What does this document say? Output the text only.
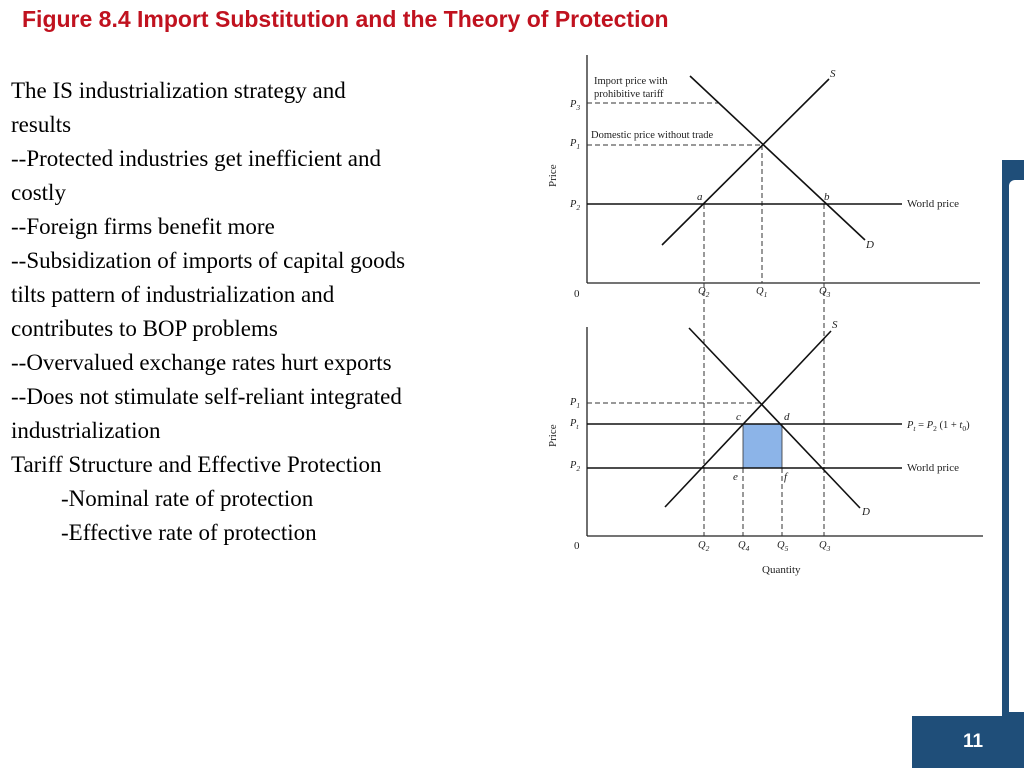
Figure 8.4 Import Substitution and the Theory of Protection
The IS industrialization strategy and
results
--Protected industries get inefficient and
costly
--Foreign firms benefit more
--Subsidization of imports of capital goods
tilts pattern of industrialization and
contributes to BOP problems
--Overvalued exchange rates hurt exports
--Does not stimulate self-reliant integrated
industrialization
Tariff Structure and Effective Protection
-Nominal rate of protection
-Effective rate of protection
Price
0
S
D
Import price with
prohibitive tariff
Domestic price without trade
World price
a	b
$P_3$
$P_1$
$P_2$
$Q_2$	$Q_1$	$Q_3$
Price
0
Quantity
S
D
World price
$P_t = P_2$ $(1 + t_0)$
c	d
e	f
$P_1$
$P_t$
$P_2$
$Q_2$	$Q_4$	$Q_5$	$Q_3$
11
